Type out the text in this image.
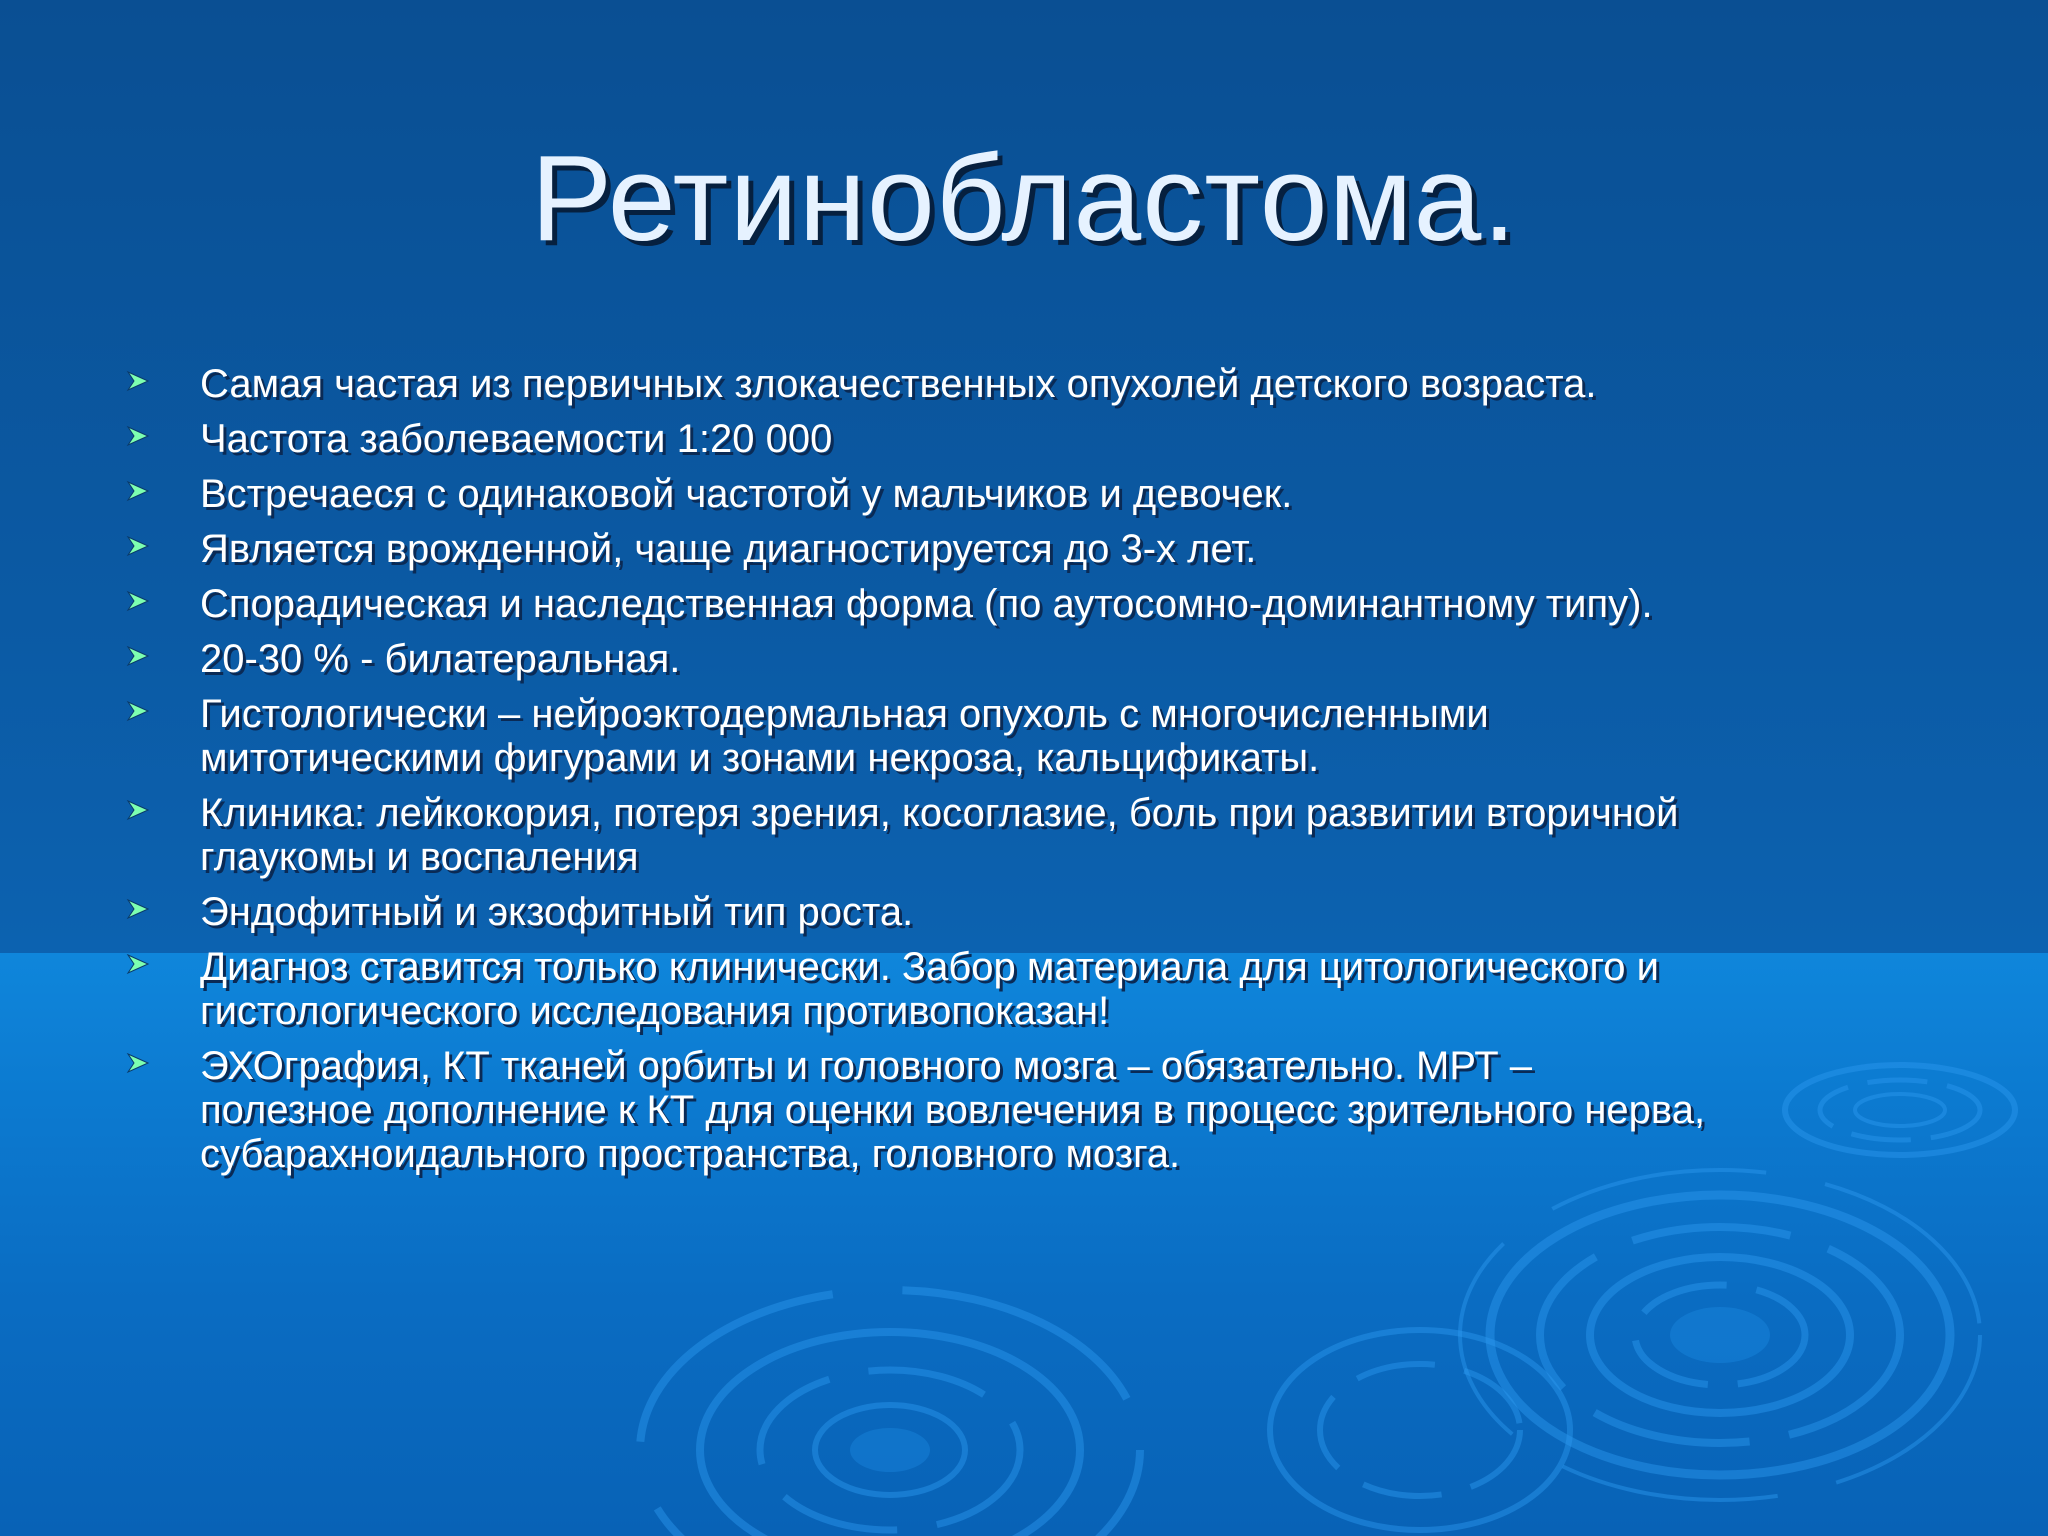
Ретинобластома.
Самая частая из первичных злокачественных опухолей детского возраста.
Частота заболеваемости 1:20 000
Встречаеся с одинаковой частотой у мальчиков и девочек.
Является врожденной, чаще диагностируется до 3-х лет.
Спорадическая и наследственная форма (по аутосомно-доминантному типу).
20-30 % - билатеральная.
Гистологически – нейроэктодермальная опухоль с многочисленными
митотическими фигурами и зонами некроза, кальцификаты.
Клиника: лейкокория, потеря зрения, косоглазие, боль при развитии вторичной
глаукомы и воспаления
Эндофитный и экзофитный тип роста.
Диагноз ставится только клинически. Забор материала для цитологического и
гистологического исследования противопоказан!
ЭХОграфия, КТ тканей орбиты и головного мозга – обязательно. МРТ –
полезное дополнение к КТ для оценки вовлечения в процесс зрительного нерва,
субарахноидального пространства, головного мозга.
